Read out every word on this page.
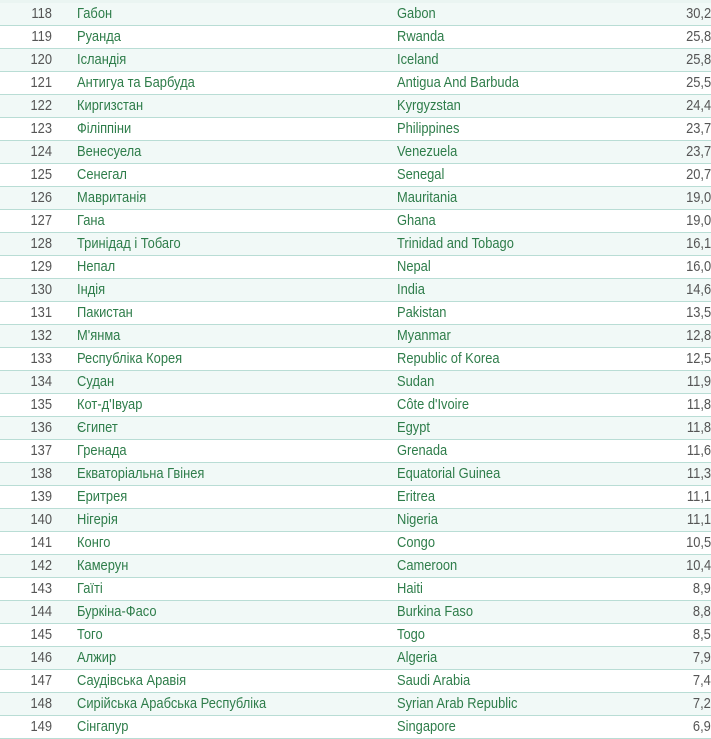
118	Габон	Gabon	30,2
119	Руанда	Rwanda	25,8
120	Ісландія	Iceland	25,8
121	Антигуа та Барбуда	Antigua And Barbuda	25,5
122	Киргизстан	Kyrgyzstan	24,4
123	Філіппіни	Philippines	23,7
124	Венесуела	Venezuela	23,7
125	Сенегал	Senegal	20,7
126	Мавританія	Mauritania	19,0
127	Гана	Ghana	19,0
128	Тринідад і Тобаго	Trinidad and Tobago	16,1
129	Непал	Nepal	16,0
130	Індія	India	14,6
131	Пакистан	Pakistan	13,5
132	М'янма	Myanmar	12,8
133	Республіка Корея	Republic of Korea	12,5
134	Судан	Sudan	11,9
135	Кот-д'Івуар	Côte d'Ivoire	11,8
136	Єгипет	Egypt	11,8
137	Гренада	Grenada	11,6
138	Екваторіальна Гвінея	Equatorial Guinea	11,3
139	Еритрея	Eritrea	11,1
140	Нігерія	Nigeria	11,1
141	Конго	Congo	10,5
142	Камерун	Cameroon	10,4
143	Гаїті	Haiti	8,9
144	Буркіна-Фасо	Burkina Faso	8,8
145	Того	Togo	8,5
146	Алжир	Algeria	7,9
147	Саудівська Аравія	Saudi Arabia	7,4
148	Сирійська Арабська Республіка	Syrian Arab Republic	7,2
149	Сінгапур	Singapore	6,9
